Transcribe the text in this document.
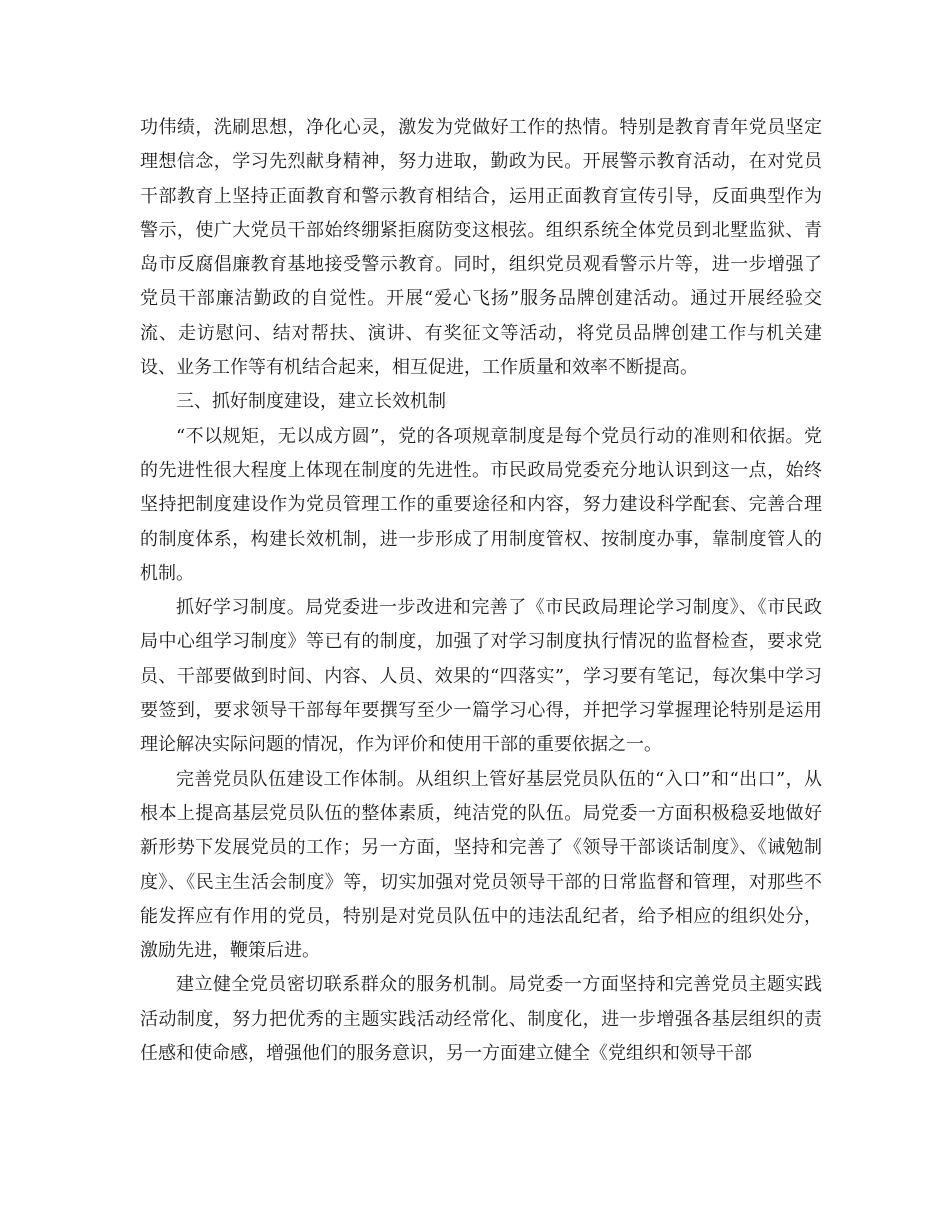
功伟绩，洗刷思想，净化心灵，激发为党做好工作的热情。特别是教育青年党员坚定理想信念，学习先烈献身精神，努力进取，勤政为民。开展警示教育活动，在对党员干部教育上坚持正面教育和警示教育相结合，运用正面教育宣传引导，反面典型作为警示，使广大党员干部始终绷紧拒腐防变这根弦。组织系统全体党员到北墅监狱、青岛市反腐倡廉教育基地接受警示教育。同时，组织党员观看警示片等，进一步增强了党员干部廉洁勤政的自觉性。开展“爱心飞扬”服务品牌创建活动。通过开展经验交流、走访慰问、结对帮扶、演讲、有奖征文等活动，将党员品牌创建工作与机关建设、业务工作等有机结合起来，相互促进，工作质量和效率不断提高。

三、抓好制度建设，建立长效机制

“不以规矩，无以成方圆”，党的各项规章制度是每个党员行动的准则和依据。党的先进性很大程度上体现在制度的先进性。市民政局党委充分地认识到这一点，始终坚持把制度建设作为党员管理工作的重要途径和内容，努力建设科学配套、完善合理的制度体系，构建长效机制，进一步形成了用制度管权、按制度办事，靠制度管人的机制。

抓好学习制度。局党委进一步改进和完善了《市民政局理论学习制度》、《市民政局中心组学习制度》等已有的制度，加强了对学习制度执行情况的监督检查，要求党员、干部要做到时间、内容、人员、效果的“四落实”，学习要有笔记，每次集中学习要签到，要求领导干部每年要撰写至少一篇学习心得，并把学习掌握理论特别是运用理论解决实际问题的情况，作为评价和使用干部的重要依据之一。

完善党员队伍建设工作体制。从组织上管好基层党员队伍的“入口”和“出口”，从根本上提高基层党员队伍的整体素质，纯洁党的队伍。局党委一方面积极稳妥地做好新形势下发展党员的工作；另一方面，坚持和完善了《领导干部谈话制度》、《诫勉制度》、《民主生活会制度》等，切实加强对党员领导干部的日常监督和管理，对那些不能发挥应有作用的党员，特别是对党员队伍中的违法乱纪者，给予相应的组织处分，激励先进，鞭策后进。

建立健全党员密切联系群众的服务机制。局党委一方面坚持和完善党员主题实践活动制度，努力把优秀的主题实践活动经常化、制度化，进一步增强各基层组织的责任感和使命感，增强他们的服务意识，另一方面建立健全《党组织和领导干部
